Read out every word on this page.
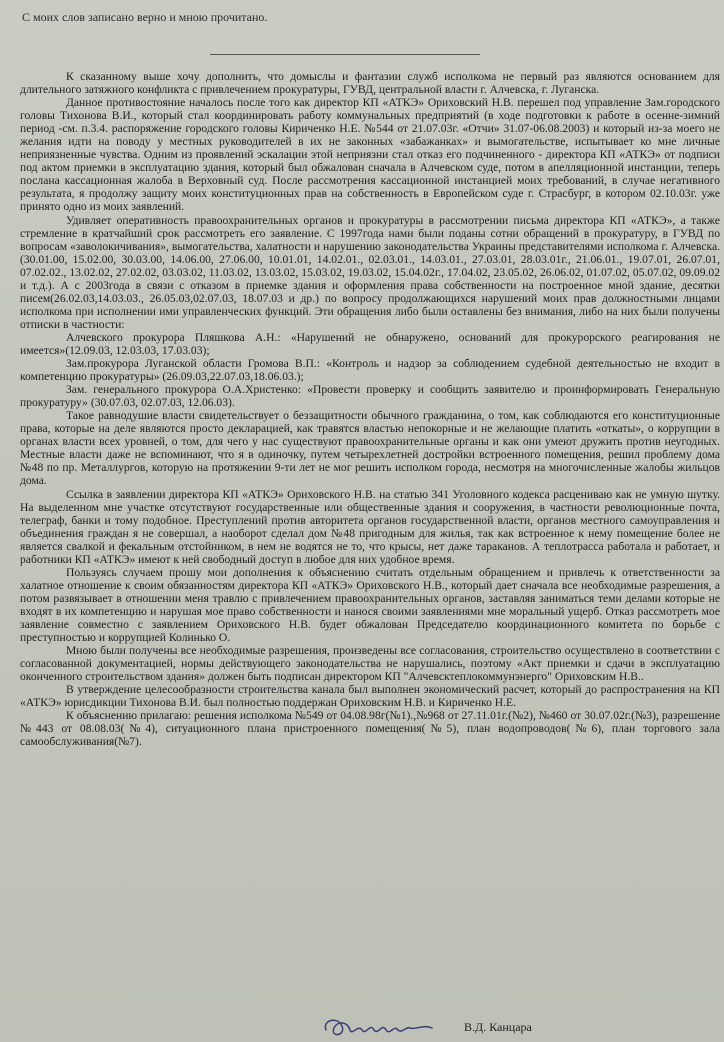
С моих слов записано верно и мною прочитано.

К сказанному выше хочу дополнить, что домыслы и фантазии служб исполкома не первый раз являются основанием для длительного затяжного конфликта с привлечением прокуратуры, ГУВД, центральной власти г. Алчевска, г. Луганска.

Данное противостояние началось после того как директор КП «АТКЭ» Ориховский Н.В. перешел под управление Зам.городского головы Тихонова В.И., который стал координировать работу коммунальных предприятий (в ходе подготовки к работе в осенне-зимний период -см. п.3.4. распоряжение городского головы Кириченко Н.Е. №544 от 21.07.03г. «Отчи» 31.07-06.08.2003) и который из-за моего не желания идти на поводу у местных руководителей в их не законных «забажанках» и вымогательстве, испытывает ко мне личные неприязненные чувства. Одним из проявлений эскалации этой неприязни стал отказ его подчиненного - директора КП «АТКЭ» от подписи под актом приемки в эксплуатацию здания, который был обжалован сначала в Алчевском суде, потом в апелляционной инстанции, теперь послана кассационная жалоба в Верховный суд. После рассмотрения кассационной инстанцией моих требований, в случае негативного результата, я продолжу защиту моих конституционных прав на собственность в Европейском суде г. Страсбург, в котором 02.10.03г. уже принято одно из моих заявлений.

Удивляет оперативность правоохранительных органов и прокуратуры в рассмотрении письма директора КП «АТКЭ», а также стремление в кратчайший срок рассмотреть его заявление. С 1997года нами были поданы сотни обращений в прокуратуру, в ГУВД по вопросам «заволокичивания», вымогательства, халатности и нарушению законодательства Украины представителями исполкома г. Алчевска. (30.01.00, 15.02.00, 30.03.00, 14.06.00, 27.06.00, 10.01.01, 14.02.01., 02.03.01., 14.03.01., 27.03.01, 28.03.01г., 21.06.01., 19.07.01, 26.07.01, 07.02.02., 13.02.02, 27.02.02, 03.03.02, 11.03.02, 13.03.02, 15.03.02, 19.03.02, 15.04.02г., 17.04.02, 23.05.02, 26.06.02, 01.07.02, 05.07.02, 09.09.02 и т.д.). А с 2003года в связи с отказом в приемке здания и оформления права собственности на построенное мной здание, десятки писем(26.02.03,14.03.03., 26.05.03,02.07.03, 18.07.03 и др.) по вопросу продолжающихся нарушений моих прав должностными лицами исполкома при исполнении ими управленческих функций. Эти обращения либо были оставлены без внимания, либо на них были получены отписки в частности:

Алчевского прокурора Пляшкова А.Н.: «Нарушений не обнаружено, оснований для прокурорского реагирования не имеется»(12.09.03, 12.03.03, 17.03.03);

Зам.прокурора Луганской области Громова В.П.: «Контроль и надзор за соблюдением судебной деятельностью не входит в компетенцию прокуратуры» (26.09.03,22.07.03,18.06.03.);

Зам. генерального прокурора О.А.Христенко: «Провести проверку и сообщить заявителю и проинформировать Генеральную прокуратуру» (30.07.03, 02.07.03, 12.06.03).

Такое равнодушие власти свидетельствует о беззащитности обычного гражданина, о том, как соблюдаются его конституционные права, которые на деле являются просто декларацией, как травятся властью непокорные и не желающие платить «откаты», о коррупции в органах власти всех уровней, о том, для чего у нас существуют правоохранительные органы и как они умеют дружить против неугодных. Местные власти даже не вспоминают, что я в одиночку, путем четырехлетней достройки встроенного помещения, решил проблему дома №48 по пр. Металлургов, которую на протяжении 9-ти лет не мог решить исполком города, несмотря на многочисленные жалобы жильцов дома.

Ссылка в заявлении директора КП «АТКЭ» Ориховского Н.В. на статью 341 Уголовного кодекса расцениваю как не умную шутку. На выделенном мне участке отсутствуют государственные или общественные здания и сооружения, в частности революционные почта, телеграф, банки и тому подобное. Преступлений против авторитета органов государственной власти, органов местного самоуправления и объединения граждан я не совершал, а наоборот сделал дом №48 пригодным для жилья, так как встроенное к нему помещение более не является свалкой и фекальным отстойником, в нем не водятся не то, что крысы, нет даже тараканов. А теплотрасса работала и работает, и работники КП «АТКЭ» имеют к ней свободный доступ в любое для них удобное время.

Пользуясь случаем прошу мои дополнения к объяснению считать отдельным обращением и привлечь к ответственности за халатное отношение к своим обязанностям директора КП «АТКЭ» Ориховского Н.В., который дает сначала все необходимые разрешения, а потом развязывает в отношении меня травлю с привлечением правоохранительных органов, заставляя заниматься теми делами которые не входят в их компетенцию и нарушая мое право собственности и нанося своими заявлениями мне моральный ущерб. Отказ рассмотреть мое заявление совместно с заявлением Ориховского Н.В. будет обжалован Председателю координационного комитета по борьбе с преступностью и коррупцией Колинько О.

Мною были получены все необходимые разрешения, произведены все согласования, строительство осуществлено в соответствии с согласованной документацией, нормы действующего законодательства не нарушались, поэтому «Акт приемки и сдачи в эксплуатацию оконченного строительством здания» должен быть подписан директором КП "Алчевсктеплокоммунэнерго" Ориховским Н.В..

В утверждение целесообразности строительства канала был выполнен экономический расчет, который до распространения на КП «АТКЭ» юрисдикции Тихонова В.И. был полностью поддержан Ориховским Н.В. и Кириченко Н.Е.

К объяснению прилагаю: решения исполкома №549 от 04.08.98г(№1).,№968 от 27.11.01г.(№2), №460 от 30.07.02г.(№3), разрешение №443 от 08.08.03(№4), ситуационного плана пристроенного помещения(№5), план водопроводов(№6), план торгового зала самообслуживания(№7).

В.Д. Канцара
